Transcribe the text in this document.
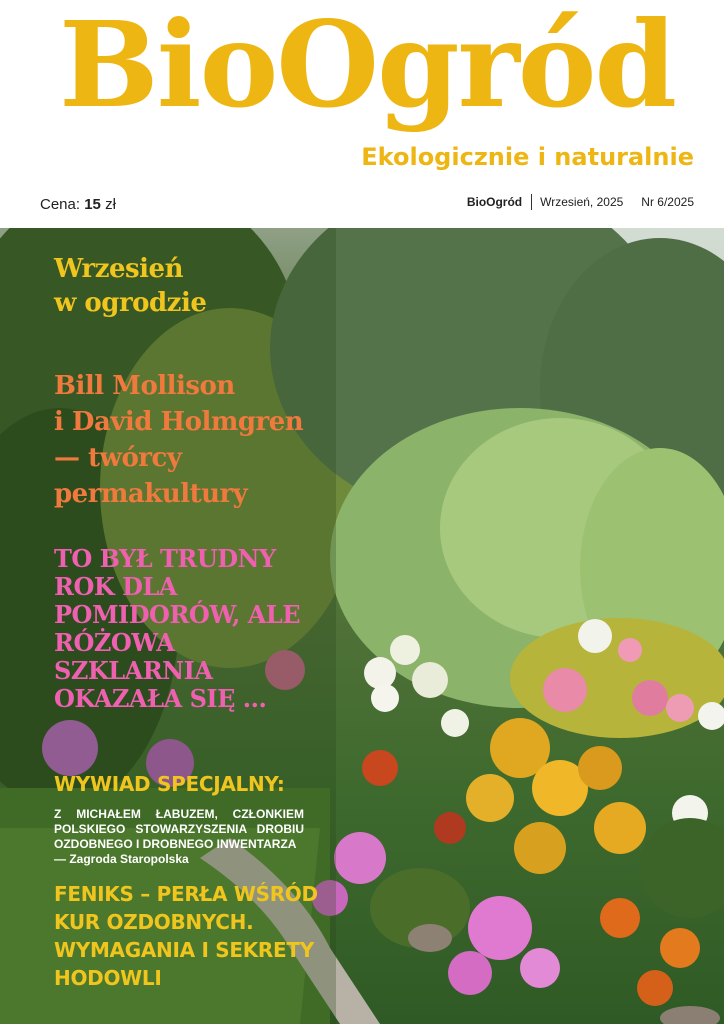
BioOgród
Ekologicznie i naturalnie
Cena: 15 zł	BioOgród Wrzesień, 2025 Nr 6/2025
Wrzesień
w ogrodzie
Bill Mollison
i David Holmgren
— twórcy
permakultury
TO BYŁ TRUDNY
ROK DLA
POMIDORÓW, ALE
RÓŻOWA
SZKLARNIA
OKAZAŁA SIĘ ...
WYWIAD SPECJALNY:
Z MICHAŁEM ŁABUZEM, CZŁONKIEM POLSKIEGO STOWARZYSZENIA DROBIU OZDOBNEGO I DROBNEGO INWENTARZA
— Zagroda Staropolska
FENIKS – PERŁA WŚRÓD
KUR OZDOBNYCH.
WYMAGANIA I SEKRETY
HODOWLI
